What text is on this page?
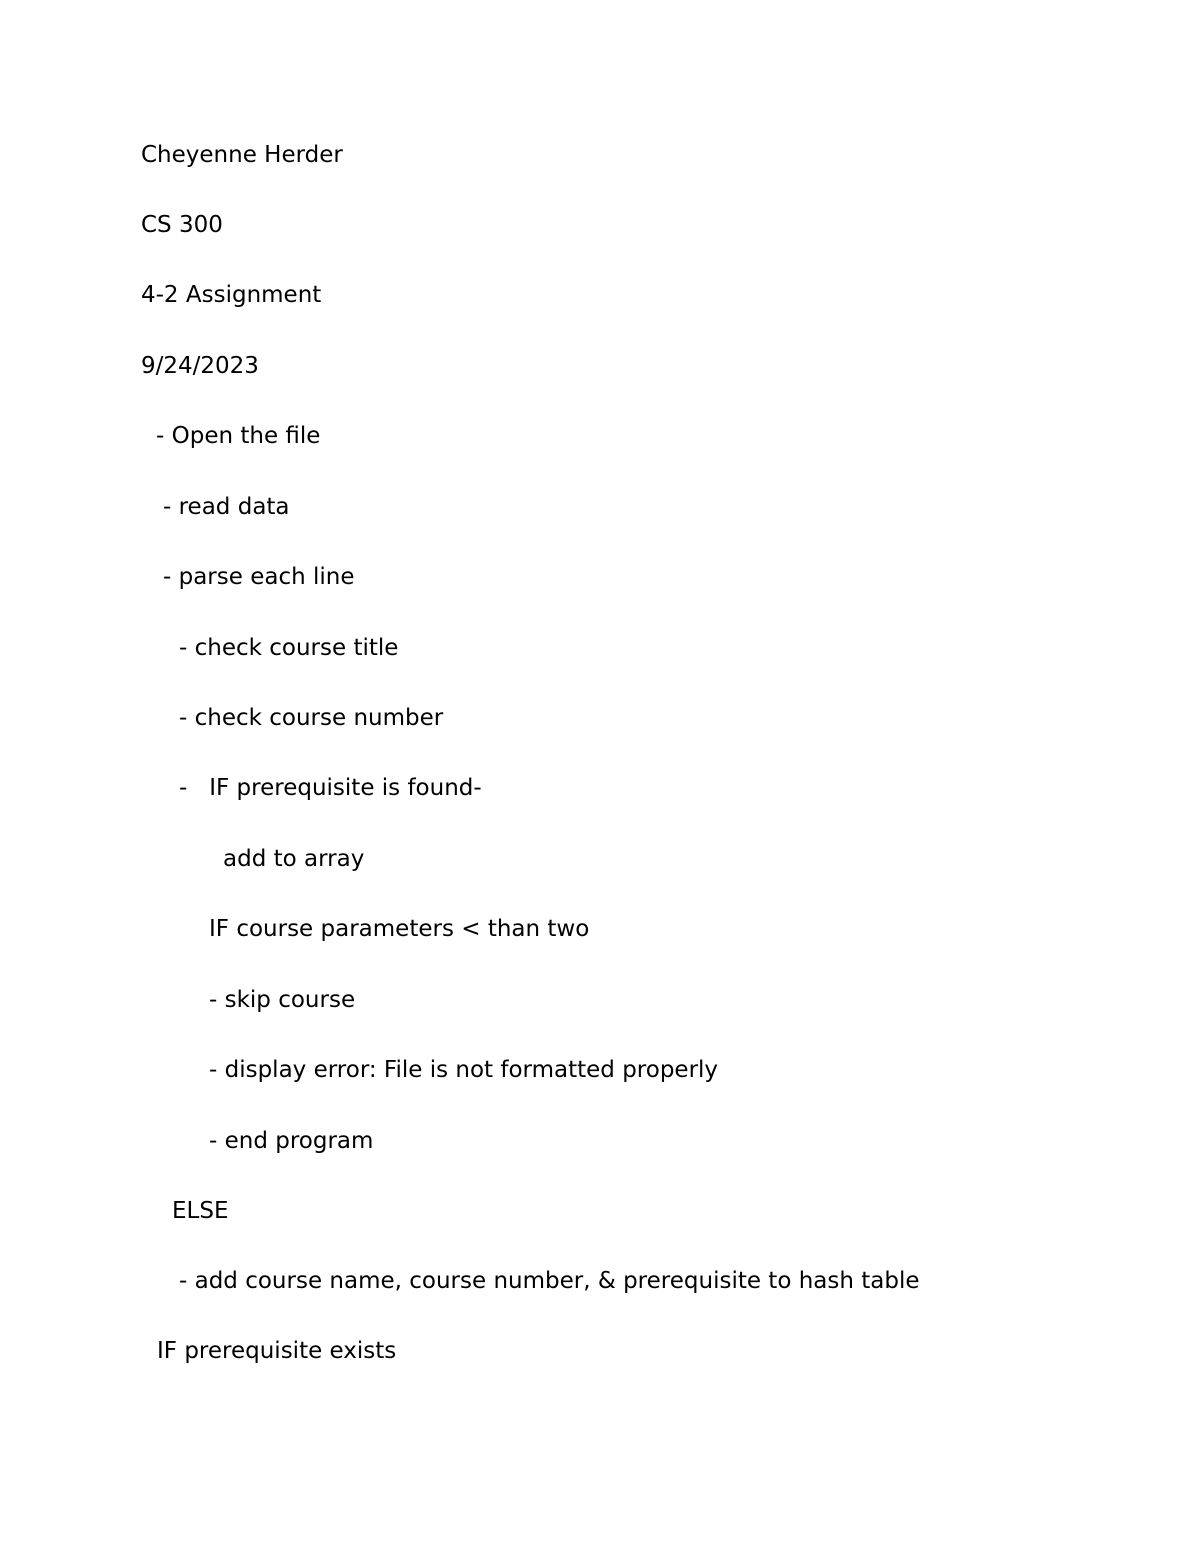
Cheyenne Herder

CS 300

4-2 Assignment

9/24/2023

- Open the file

- read data

- parse each line

- check course title

- check course number

-   IF prerequisite is found-

add to array

IF course parameters < than two

- skip course

- display error: File is not formatted properly

- end program

ELSE

- add course name, course number, & prerequisite to hash table

IF prerequisite exists
